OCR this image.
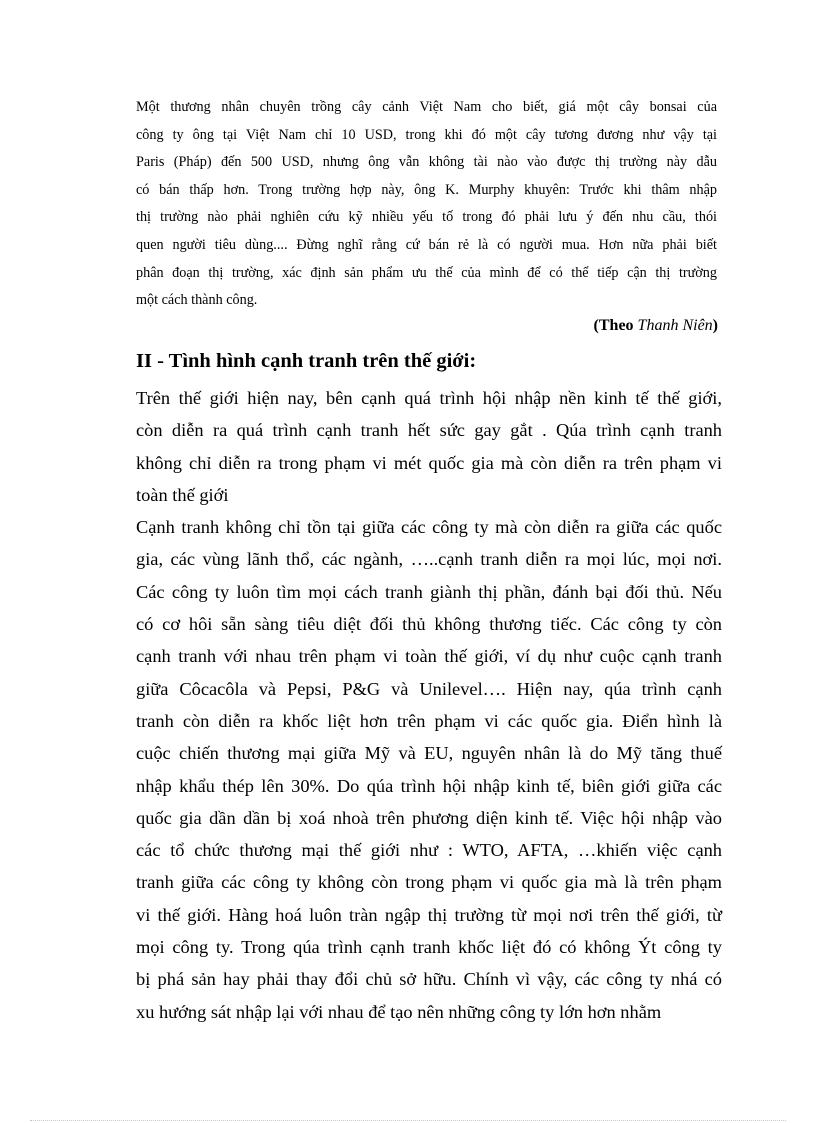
Một thương nhân chuyên trồng cây cảnh Việt Nam cho biết, giá một cây bonsai của
công ty ông tại Việt Nam chỉ 10 USD, trong khi đó một cây tương đương như vậy tại
Paris (Pháp) đến 500 USD, nhưng ông vẫn không tài nào vào được thị trường này dẫu
có bán thấp hơn. Trong trường hợp này, ông K. Murphy khuyên: Trước khi thâm nhập
thị trường nào phải nghiên cứu kỹ nhiều yếu tố trong đó phải lưu ý đến nhu cầu, thói
quen người tiêu dùng.... Đừng nghĩ rằng cứ bán rẻ là có người mua. Hơn nữa phải biết
phân đoạn thị trường, xác định sản phẩm ưu thế của mình để có thể tiếp cận thị trường
một cách thành công.
(Theo Thanh Niên)
II - Tình hình cạnh tranh trên thế giới:
Trên thế giới hiện nay, bên cạnh quá trình hội nhập nền kinh tế thế giới,
còn diễn ra quá trình cạnh tranh hết sức gay gắt . Qúa trình cạnh tranh
không chỉ diễn ra trong phạm vi mét quốc gia mà còn diễn ra trên phạm vi
toàn thế giới
Cạnh tranh không chỉ tồn tại giữa các công ty mà còn diễn ra giữa các quốc
gia, các vùng lãnh thổ, các ngành, …..cạnh tranh diễn ra mọi lúc, mọi nơi.
Các công ty luôn tìm mọi cách tranh giành thị phần, đánh bại đối thủ. Nếu
có cơ hôi sẵn sàng tiêu diệt đối thủ không thương tiếc. Các công ty còn
cạnh tranh với nhau trên phạm vi toàn thế giới, ví dụ như cuộc cạnh tranh
giữa Côcacôla và Pepsi, P&G và Unilevel…. Hiện nay, qúa trình cạnh
tranh còn diễn ra khốc liệt hơn trên phạm vi các quốc gia. Điển hình là
cuộc chiến thương mại giữa Mỹ và EU, nguyên nhân là do Mỹ tăng thuế
nhập khẩu thép lên 30%. Do qúa trình hội nhập kinh tế, biên giới giữa các
quốc gia dần dần bị xoá nhoà trên phương diện kinh tế. Việc hội nhập vào
các tổ chức thương mại thế giới như : WTO, AFTA, …khiến việc cạnh
tranh giữa các công ty không còn trong phạm vi quốc gia mà là trên phạm
vi thế giới. Hàng hoá luôn tràn ngập thị trường từ mọi nơi trên thế giới, từ
mọi công ty. Trong qúa trình cạnh tranh khốc liệt đó có không Ýt công ty
bị phá sản hay phải thay đổi chủ sở hữu. Chính vì vậy, các công ty nhá có
xu hướng sát nhập lại với nhau để tạo nên những công ty lớn hơn nhằm
